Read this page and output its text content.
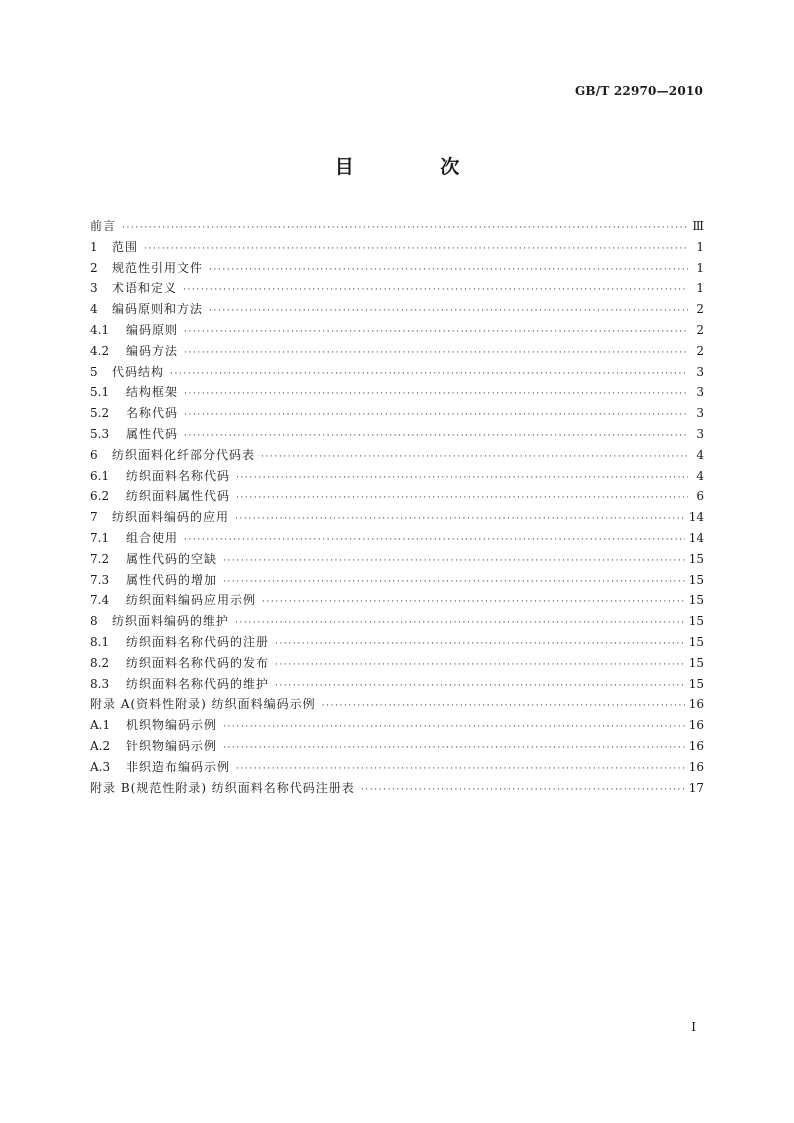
GB/T 22970—2010
目 次
前言 ·····	Ⅲ
1	范围 ·····	1
2	规范性引用文件 ·····	1
3	术语和定义 ·····	1
4	编码原则和方法 ·····	2
4.1	编码原则 ·····	2
4.2	编码方法 ·····	2
5	代码结构 ·····	3
5.1	结构框架 ·····	3
5.2	名称代码 ·····	3
5.3	属性代码 ·····	3
6	纺织面料化纤部分代码表 ·····	4
6.1	纺织面料名称代码 ·····	4
6.2	纺织面料属性代码 ·····	6
7	纺织面料编码的应用 ·····	14
7.1	组合使用 ·····	14
7.2	属性代码的空缺 ·····	15
7.3	属性代码的增加 ·····	15
7.4	纺织面料编码应用示例 ·····	15
8	纺织面料编码的维护 ·····	15
8.1	纺织面料名称代码的注册 ·····	15
8.2	纺织面料名称代码的发布 ·····	15
8.3	纺织面料名称代码的维护 ·····	15
附录 A(资料性附录) 纺织面料编码示例 ·····	16
A.1	机织物编码示例 ·····	16
A.2	针织物编码示例 ·····	16
A.3	非织造布编码示例 ·····	16
附录 B(规范性附录) 纺织面料名称代码注册表 ·····	17
I
